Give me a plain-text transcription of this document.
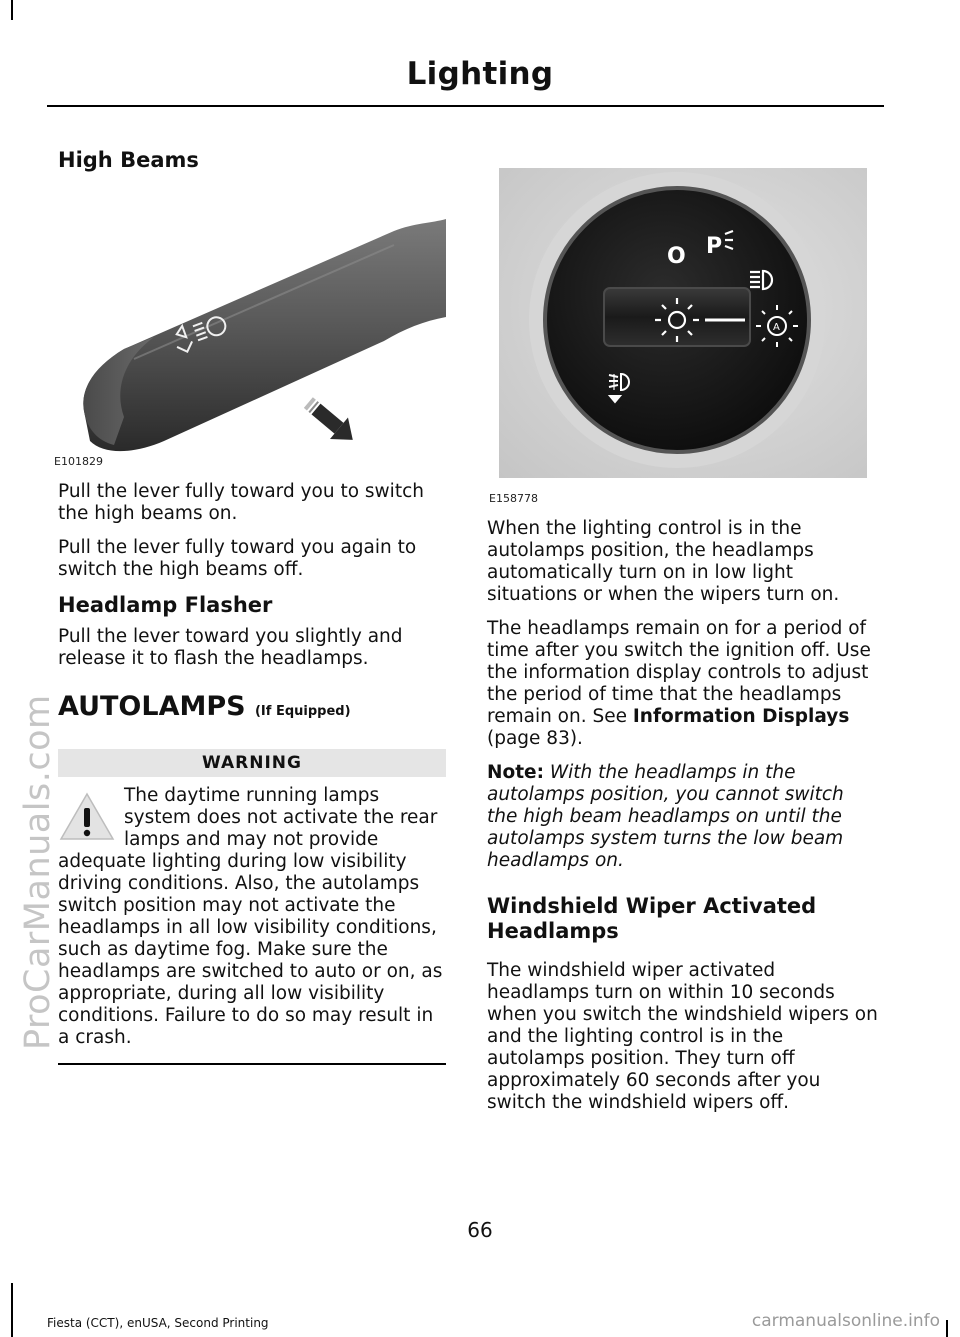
Lighting
ProCarManuals.com
High Beams
E101829

Pull the lever fully toward you to switch the high beams on.

Pull the lever fully toward you again to switch the high beams off.

Headlamp Flasher

Pull the lever toward you slightly and release it to flash the headlamps.

AUTOLAMPS (If Equipped)
WARNING
The daytime running lamps system does not activate the rear lamps and may not provide adequate lighting during low visibility driving conditions. Also, the autolamps switch position may not activate the headlamps in all low visibility conditions, such as daytime fog. Make sure the headlamps are switched to auto or on, as appropriate, during all low visibility conditions. Failure to do so may result in a crash.
O P
A
E158778

When the lighting control is in the autolamps position, the headlamps automatically turn on in low light situations or when the wipers turn on.

The headlamps remain on for a period of time after you switch the ignition off. Use the information display controls to adjust the period of time that the headlamps remain on. See Information Displays (page 83).

Note: With the headlamps in the autolamps position, you cannot switch the high beam headlamps on until the autolamps system turns the low beam headlamps on.

Windshield Wiper Activated Headlamps

The windshield wiper activated headlamps turn on within 10 seconds when you switch the windshield wipers on and the lighting control is in the autolamps position. They turn off approximately 60 seconds after you switch the windshield wipers off.

66
Fiesta (CCT), enUSA, Second Printing	carmanualsonline.info
